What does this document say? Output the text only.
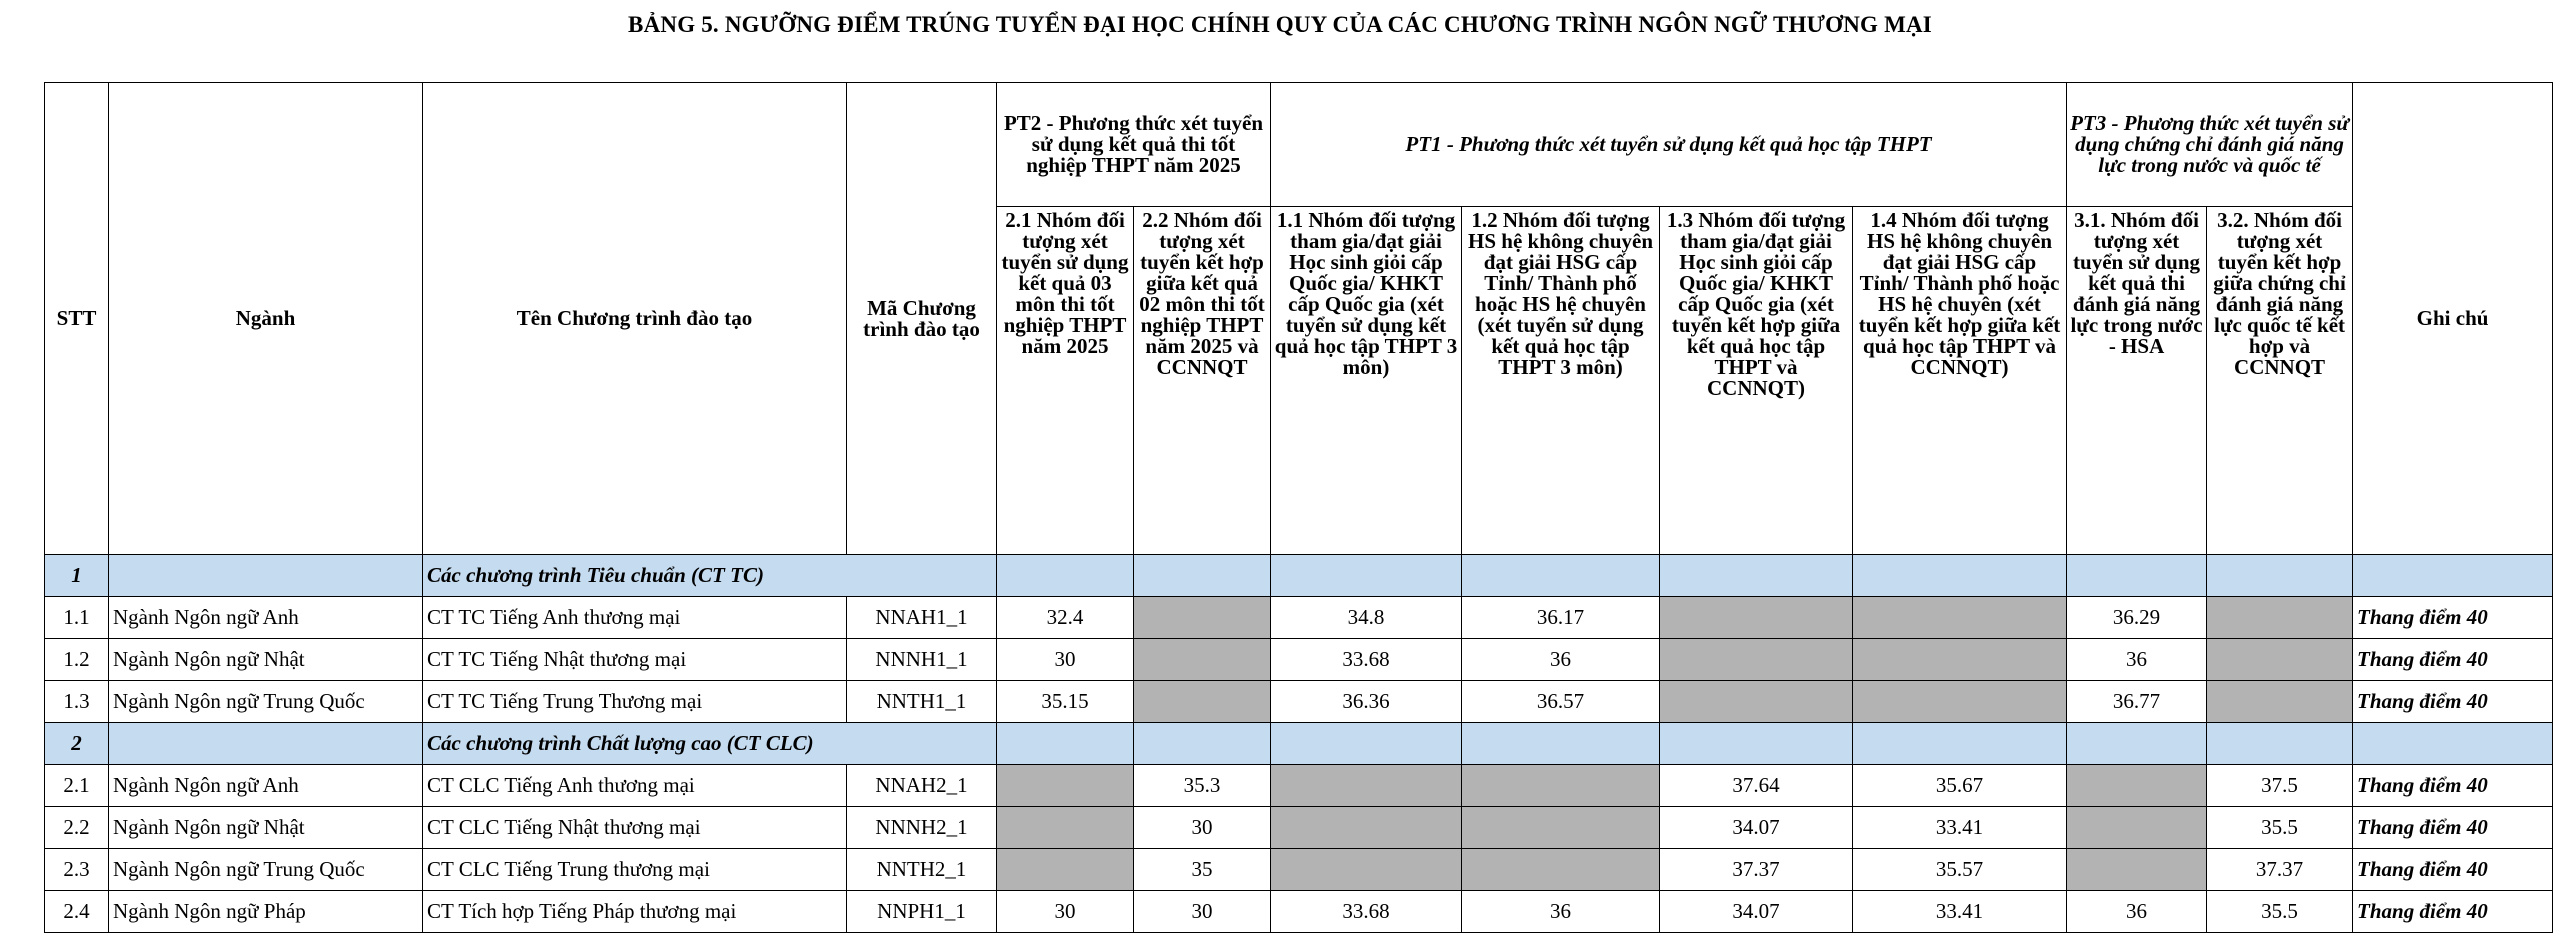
BẢNG 5. NGƯỠNG ĐIỂM TRÚNG TUYỂN ĐẠI HỌC CHÍNH QUY CỦA CÁC CHƯƠNG TRÌNH NGÔN NGỮ THƯƠNG MẠI
STT	Ngành	Tên Chương trình đào tạo	Mã Chương trình đào tạo	PT2 - Phương thức xét tuyển sử dụng kết quả thi tốt nghiệp THPT năm 2025		PT1 - Phương thức xét tuyển sử dụng kết quả học tập THPT				PT3 - Phương thức xét tuyển sử dụng chứng chỉ đánh giá năng lực trong nước và quốc tế		Ghi chú
				2.1 Nhóm đối tượng xét tuyển sử dụng kết quả 03 môn thi tốt nghiệp THPT năm 2025	2.2 Nhóm đối tượng xét tuyển kết hợp giữa kết quả 02 môn thi tốt nghiệp THPT năm 2025 và CCNNQT	1.1 Nhóm đối tượng tham gia/đạt giải Học sinh giỏi cấp Quốc gia/ KHKT cấp Quốc gia (xét tuyển sử dụng kết quả học tập THPT 3 môn)	1.2 Nhóm đối tượng HS hệ không chuyên đạt giải HSG cấp Tỉnh/ Thành phố hoặc HS hệ chuyên (xét tuyển sử dụng kết quả học tập THPT 3 môn)	1.3 Nhóm đối tượng tham gia/đạt giải Học sinh giỏi cấp Quốc gia/ KHKT cấp Quốc gia (xét tuyển kết hợp giữa kết quả học tập THPT và CCNNQT)	1.4 Nhóm đối tượng HS hệ không chuyên đạt giải HSG cấp Tỉnh/ Thành phố hoặc HS hệ chuyên (xét tuyển kết hợp giữa kết quả học tập THPT và CCNNQT)	3.1. Nhóm đối tượng xét tuyển sử dụng kết quả thi đánh giá năng lực trong nước - HSA	3.2. Nhóm đối tượng xét tuyển kết hợp giữa chứng chỉ đánh giá năng lực quốc tế kết hợp và CCNNQT	
1		Các chương trình Tiêu chuẩn (CT TC)										
1.1	Ngành Ngôn ngữ Anh	CT TC Tiếng Anh thương mại	NNAH1_1	32.4		34.8	36.17			36.29		Thang điểm 40
1.2	Ngành Ngôn ngữ Nhật	CT TC Tiếng Nhật thương mại	NNNH1_1	30		33.68	36			36		Thang điểm 40
1.3	Ngành Ngôn ngữ Trung Quốc	CT TC Tiếng Trung Thương mại	NNTH1_1	35.15		36.36	36.57			36.77		Thang điểm 40
2		Các chương trình Chất lượng cao (CT CLC)										
2.1	Ngành Ngôn ngữ Anh	CT CLC Tiếng Anh thương mại	NNAH2_1		35.3			37.64	35.67		37.5	Thang điểm 40
2.2	Ngành Ngôn ngữ Nhật	CT CLC Tiếng Nhật thương mại	NNNH2_1		30			34.07	33.41		35.5	Thang điểm 40
2.3	Ngành Ngôn ngữ Trung Quốc	CT CLC Tiếng Trung thương mại	NNTH2_1		35			37.37	35.57		37.37	Thang điểm 40
2.4	Ngành Ngôn ngữ Pháp	CT Tích hợp Tiếng Pháp thương mại	NNPH1_1	30	30	33.68	36	34.07	33.41	36	35.5	Thang điểm 40
